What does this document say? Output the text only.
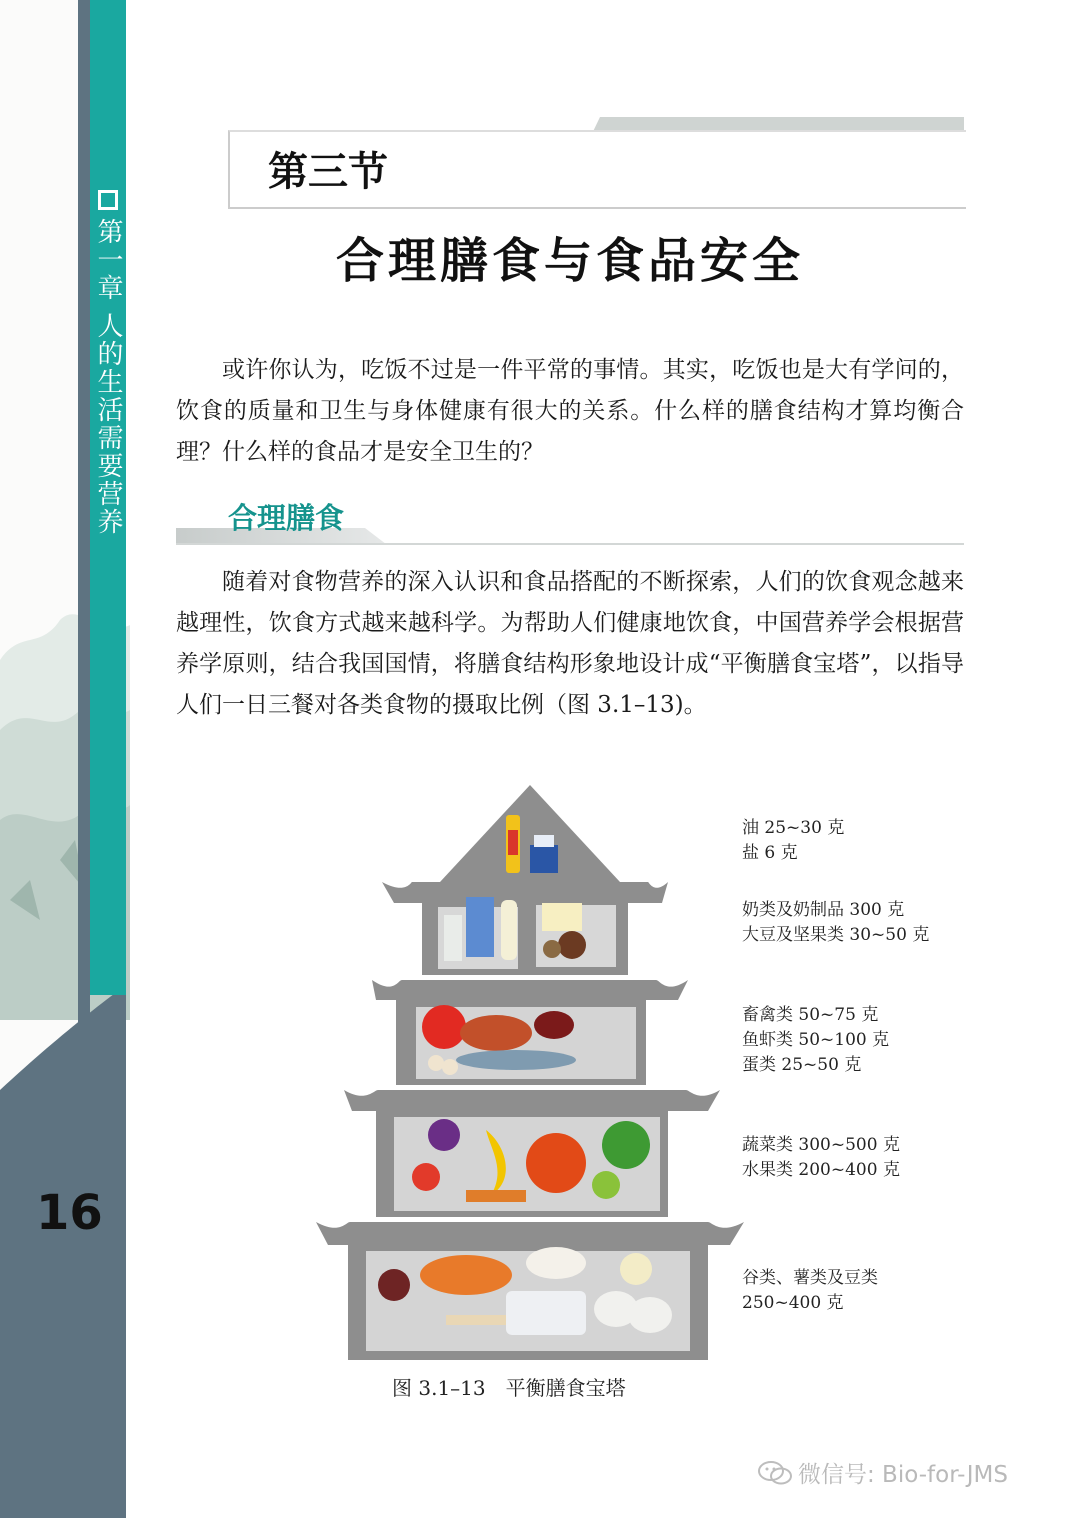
第一章人的生活需要营养
16
第三节
合理膳食与食品安全

或许你认为，吃饭不过是一件平常的事情。其实，吃饭也是大有学问的，饮食的质量和卫生与身体健康有很大的关系。什么样的膳食结构才算均衡合理？什么样的食品才是安全卫生的？

合理膳食

随着对食物营养的深入认识和食品搭配的不断探索，人们的饮食观念越来越理性，饮食方式越来越科学。为帮助人们健康地饮食，中国营养学会根据营养学原则，结合我国国情，将膳食结构形象地设计成“平衡膳食宝塔”，以指导人们一日三餐对各类食物的摄取比例（图 3.1–13)。

油 25~30 克
盐 6 克
奶类及奶制品 300 克
大豆及坚果类 30~50 克
畜禽类 50~75 克
鱼虾类 50~100 克
蛋类 25~50 克
蔬菜类 300~500 克
水果类 200~400 克
谷类、薯类及豆类
250~400 克
图 3.1–13　平衡膳食宝塔
微信号: Bio-for-JMS
